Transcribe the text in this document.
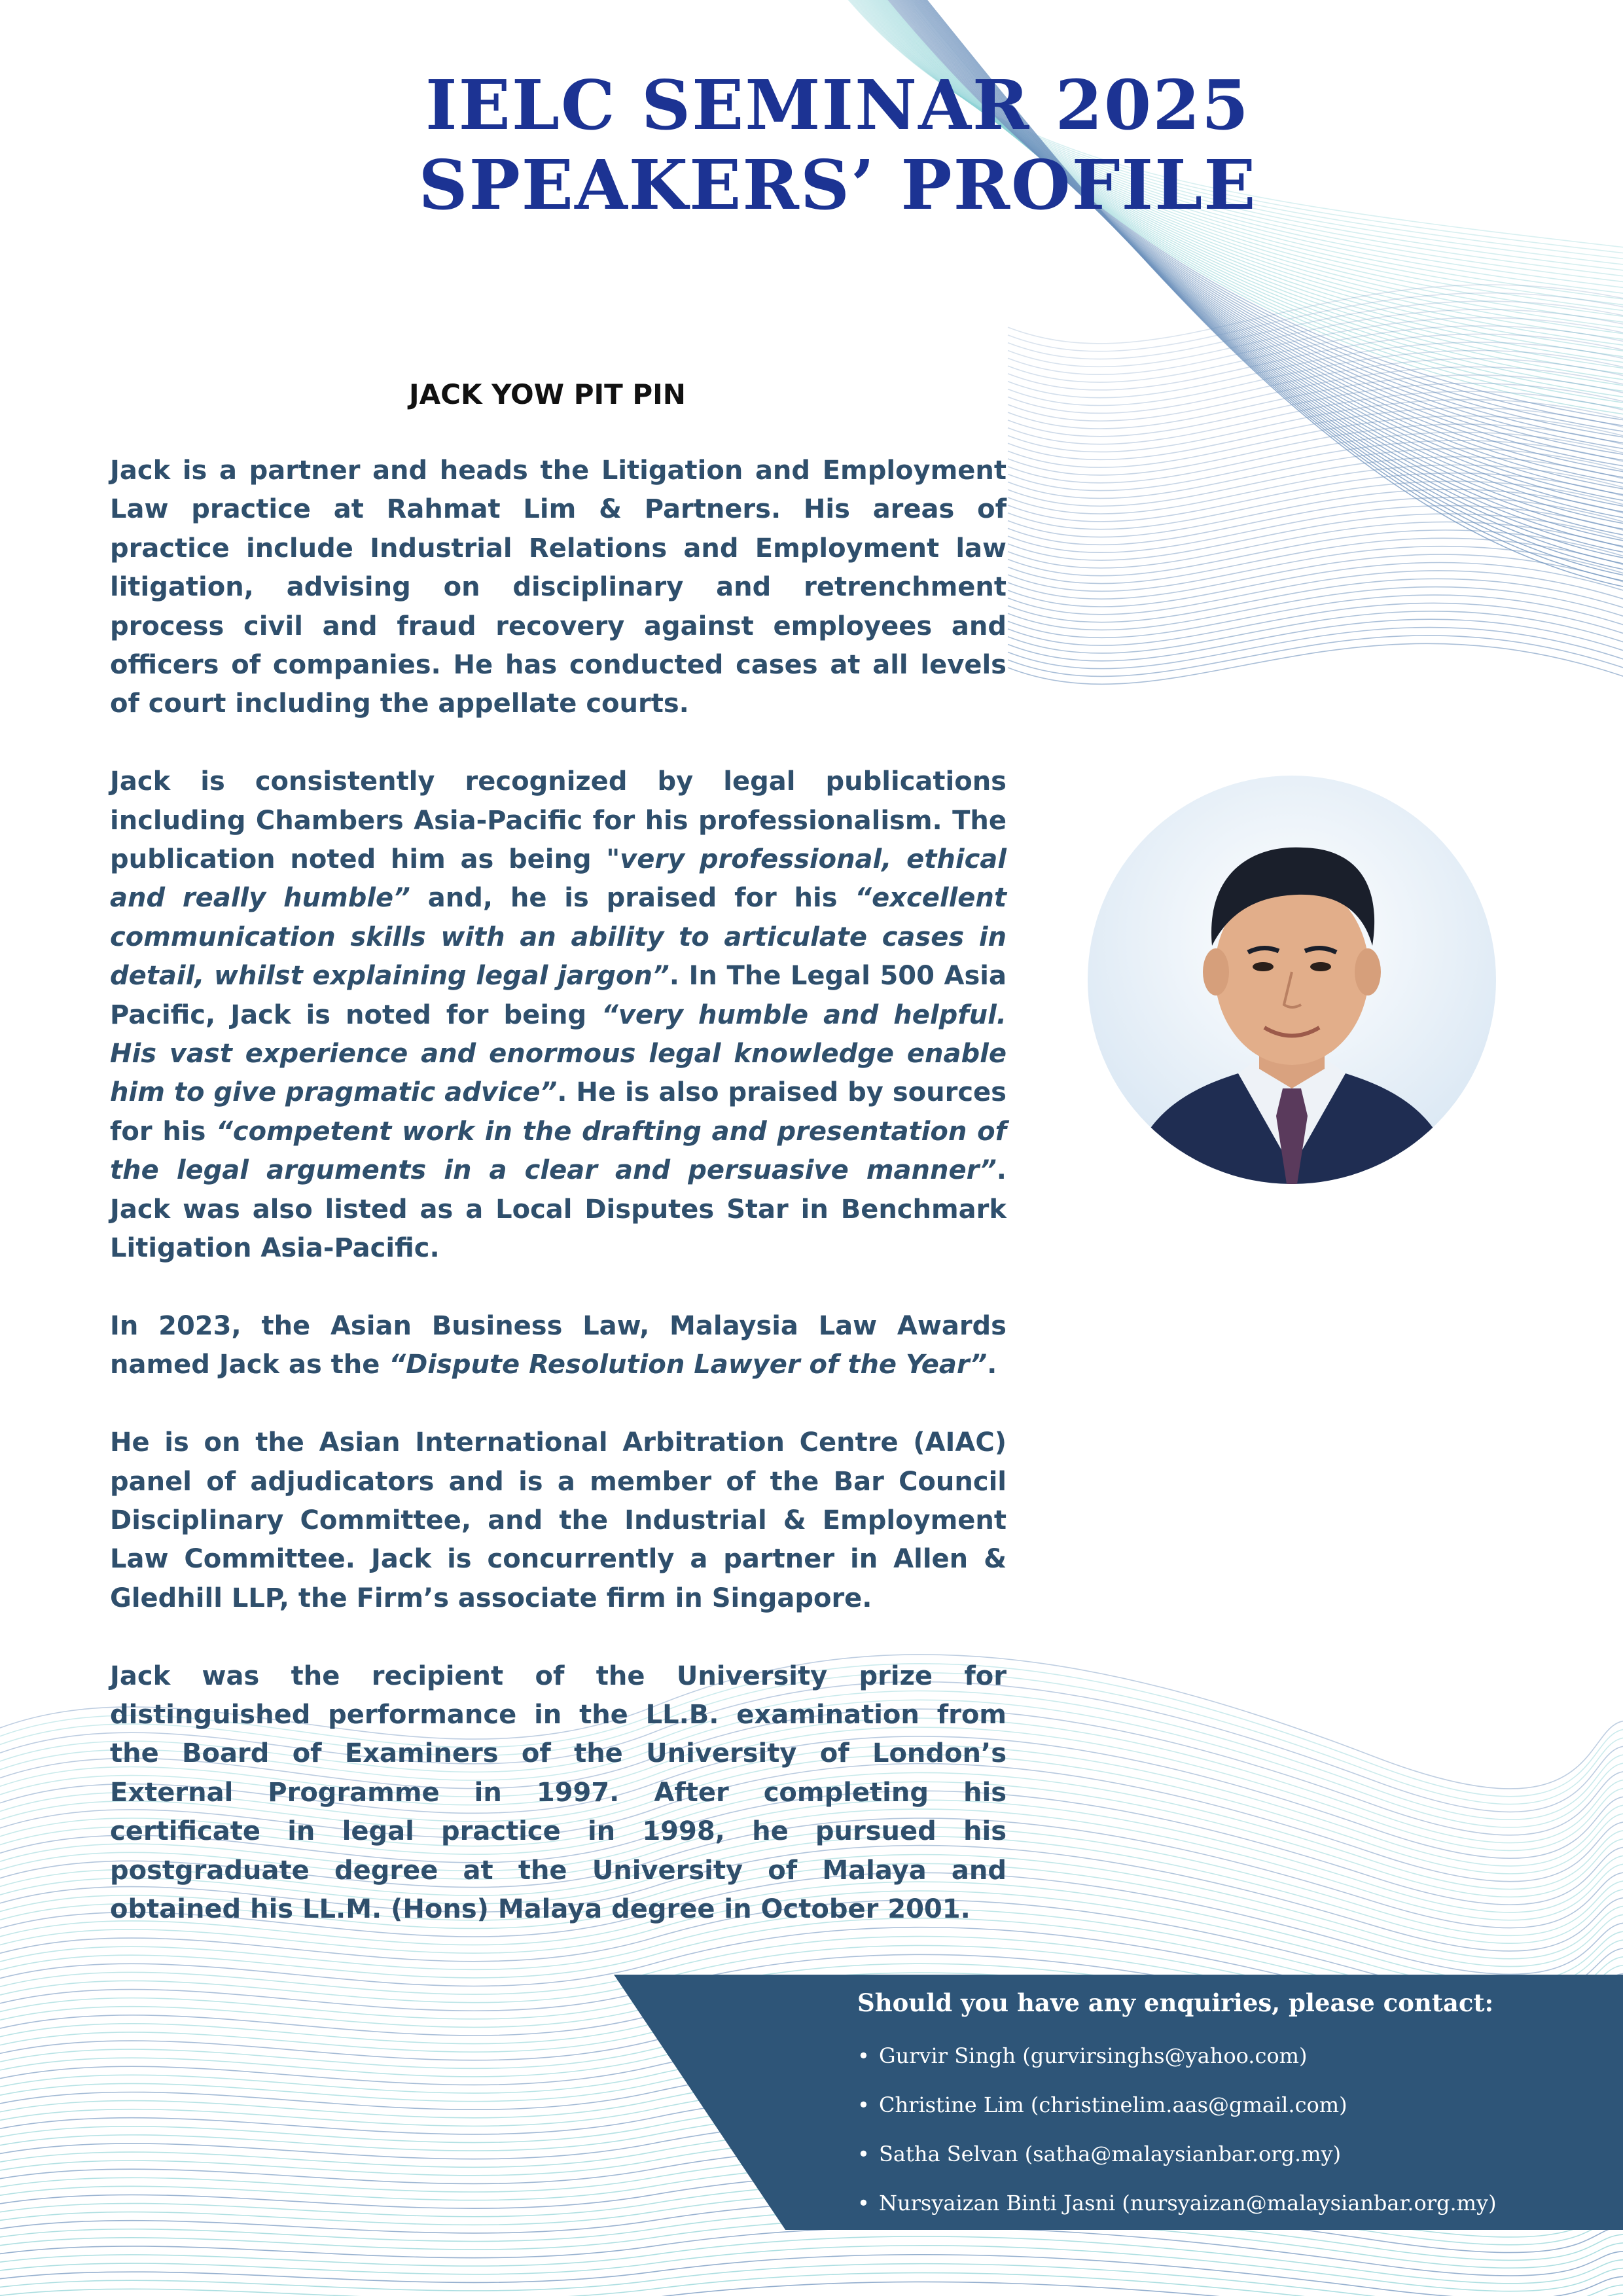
IELC SEMINAR 2025
SPEAKERS’ PROFILE
JACK YOW PIT PIN

Jack is a partner and heads the Litigation and Employment Law practice at Rahmat Lim & Partners. His areas of practice include Industrial Relations and Employment law litigation, advising on disciplinary and retrenchment process civil and fraud recovery against employees and officers of companies. He has conducted cases at all levels of court including the appellate courts.

Jack is consistently recognized by legal publications including Chambers Asia-Pacific for his professionalism. The publication noted him as being "very professional, ethical and really humble” and, he is praised for his “excellent communication skills with an ability to articulate cases in detail, whilst explaining legal jargon”. In The Legal 500 Asia Pacific, Jack is noted for being “very humble and helpful. His vast experience and enormous legal knowledge enable him to give pragmatic advice”. He is also praised by sources for his “competent work in the drafting and presentation of the legal arguments in a clear and persuasive manner”. Jack was also listed as a Local Disputes Star in Benchmark Litigation Asia-Pacific.

In 2023, the Asian Business Law, Malaysia Law Awards named Jack as the “Dispute Resolution Lawyer of the Year”.

He is on the Asian International Arbitration Centre (AIAC) panel of adjudicators and is a member of the Bar Council Disciplinary Committee, and the Industrial & Employment Law Committee. Jack is concurrently a partner in Allen & Gledhill LLP, the Firm’s associate firm in Singapore.

Jack was the recipient of the University prize for distinguished performance in the LL.B. examination from the Board of Examiners of the University of London’s External Programme in 1997. After completing his certificate in legal practice in 1998, he pursued his postgraduate degree at the University of Malaya and obtained his LL.M. (Hons) Malaya degree in October 2001.

Should you have any enquiries, please contact:
• Gurvir Singh (gurvirsinghs@yahoo.com)
• Christine Lim (christinelim.aas@gmail.com)
• Satha Selvan (satha@malaysianbar.org.my)
• Nursyaizan Binti Jasni (nursyaizan@malaysianbar.org.my)
